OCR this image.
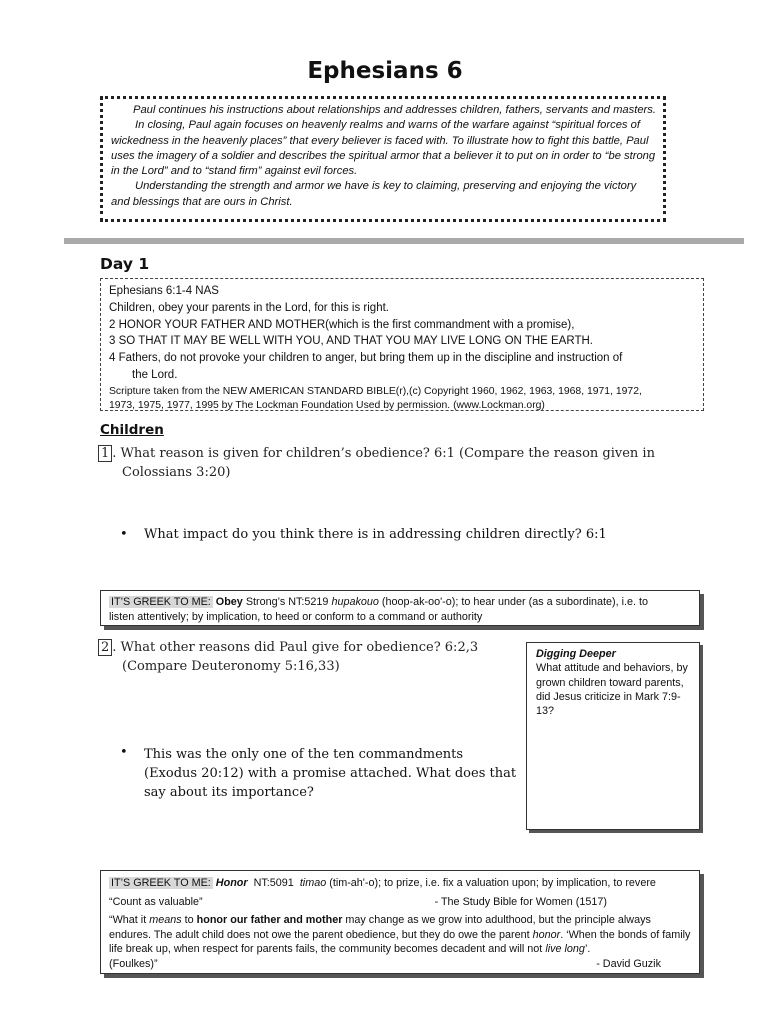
Ephesians 6

Paul continues his instructions about relationships and addresses children, fathers, servants and masters.

In closing, Paul again focuses on heavenly realms and warns of the warfare against “spiritual forces of wickedness in the heavenly places” that every believer is faced with. To illustrate how to fight this battle, Paul uses the imagery of a soldier and describes the spiritual armor that a believer it to put on in order to “be strong in the Lord” and to “stand firm” against evil forces.

Understanding the strength and armor we have is key to claiming, preserving and enjoying the victory and blessings that are ours in Christ.

Day 1
Ephesians 6:1-4 NAS
Children, obey your parents in the Lord, for this is right.
2 HONOR YOUR FATHER AND MOTHER(which is the first commandment with a promise),
3 SO THAT IT MAY BE WELL WITH YOU, AND THAT YOU MAY LIVE LONG ON THE EARTH.
4 Fathers, do not provoke your children to anger, but bring them up in the discipline and instruction of
the Lord.
Scripture taken from the NEW AMERICAN STANDARD BIBLE(r),(c) Copyright 1960, 1962, 1963, 1968, 1971, 1972,
1973, 1975, 1977, 1995 by The Lockman Foundation Used by permission. (www.Lockman.org)
Children
1 . What reason is given for children’s obedience? 6:1 (Compare the reason given in
Colossians 3:20)
• What impact do you think there is in addressing children directly? 6:1
IT’S GREEK TO ME: Obey Strong’s NT:5219 hupakouo (hoop-ak-oo'-o); to hear under (as a subordinate), i.e. to
listen attentively; by implication, to heed or conform to a command or authority
2 . What other reasons did Paul give for obedience? 6:2,3
(Compare Deuteronomy 5:16,33)
Digging Deeper
What attitude and behaviors, by grown children toward parents, did Jesus criticize in Mark 7:9-13?
•	This was the only one of the ten commandments (Exodus 20:12) with a promise attached. What does that say about its importance?
IT’S GREEK TO ME: Honor NT:5091 timao (tim-ah'-o); to prize, i.e. fix a valuation upon; by implication, to revere
“Count as valuable”	- The Study Bible for Women (1517)
“What it means to honor our father and mother may change as we grow into adulthood, but the principle always endures. The adult child does not owe the parent obedience, but they do owe the parent honor. ‘When the bonds of family life break up, when respect for parents fails, the community becomes decadent and will not live long’.
(Foulkes)”	- David Guzik
